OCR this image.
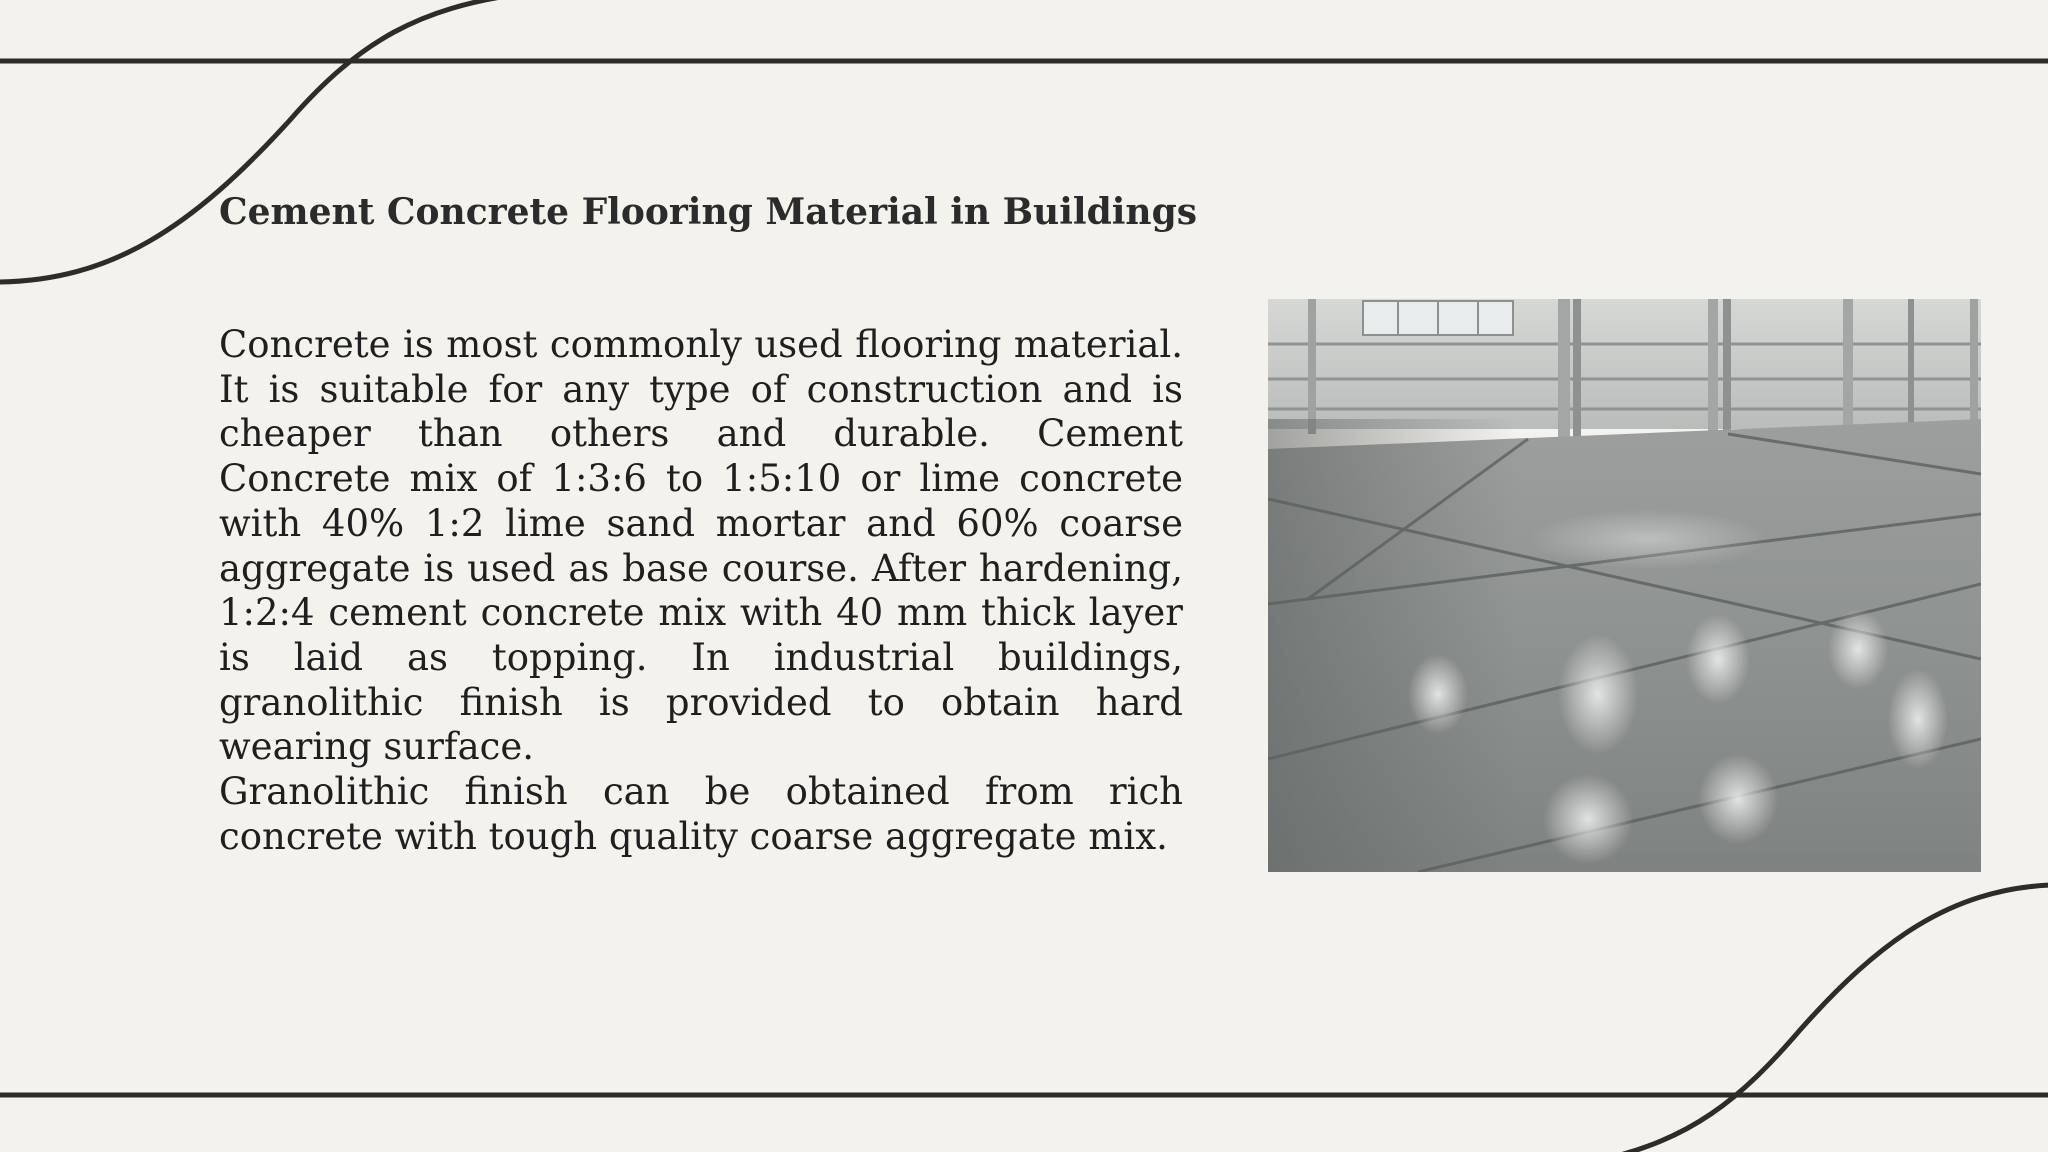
Cement Concrete Flooring Material in Buildings

Concrete is most commonly used flooring material. It is suitable for any type of construction and is cheaper than others and durable. Cement Concrete mix of 1:3:6 to 1:5:10 or lime concrete with 40% 1:2 lime sand mortar and 60% coarse aggregate is used as base course. After hardening, 1:2:4 cement concrete mix with 40 mm thick layer is laid as topping. In industrial buildings, granolithic finish is provided to obtain hard wearing surface.

Granolithic finish can be obtained from rich concrete with tough quality coarse aggregate mix.
